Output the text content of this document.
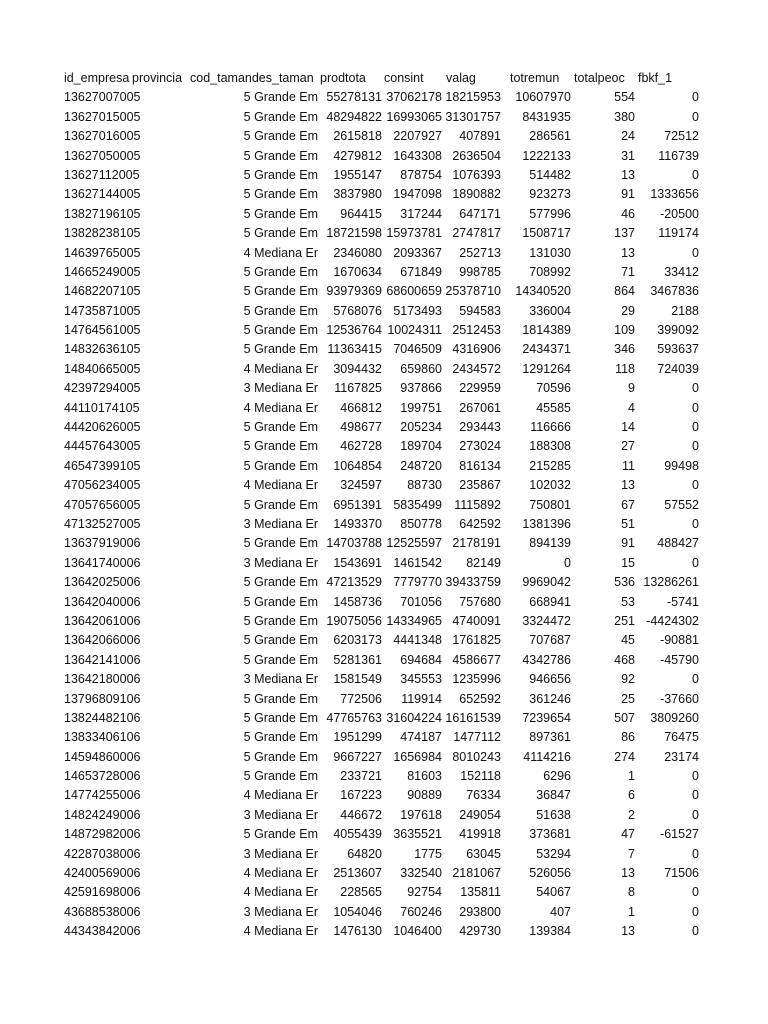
id_empresa provincia cod_tamandes_taman prodtota	consint	valag	totremun	totalpeoc	fbkf_1
13627007005	5 Grande Em 55278131 37062178 18215953	10607970	554	0
13627015005	5 Grande Em 48294822 16993065 31301757	8431935	380	0
13627016005	5 Grande Em	2615818 2207927	407891	286561	24	72512
13627050005	5 Grande Em	4279812 1643308 2636504	1222133	31	116739
13627112005	5 Grande Em	1955147	878754 1076393	514482	13	0
13627144005	5 Grande Em	3837980 1947098 1890882	923273	91	1333656
13827196105	5 Grande Em	964415	317244	647171	577996	46	-20500
13828238105	5 Grande Em 18721598 15973781 2747817	1508717	137	119174
14639765005	4 Mediana Er	2346080 2093367	252713	131030	13	0
14665249005	5 Grande Em	1670634	671849	998785	708992	71	33412
14682207105	5 Grande Em 93979369 68600659 25378710	14340520	864	3467836
14735871005	5 Grande Em	5768076 5173493	594583	336004	29	2188
14764561005	5 Grande Em 12536764 10024311 2512453	1814389	109	399092
14832636105	5 Grande Em 11363415 7046509 4316906	2434371	346	593637
14840665005	4 Mediana Er	3094432	659860 2434572	1291264	118	724039
42397294005	3 Mediana Er	1167825	937866	229959	70596	9	0
44110174105	4 Mediana Er	466812	199751	267061	45585	4	0
44420626005	5 Grande Em	498677	205234	293443	116666	14	0
44457643005	5 Grande Em	462728	189704	273024	188308	27	0
46547399105	5 Grande Em	1064854	248720	816134	215285	11	99498
47056234005	4 Mediana Er	324597	88730	235867	102032	13	0
47057656005	5 Grande Em	6951391 5835499 1115892	750801	67	57552
47132527005	3 Mediana Er	1493370	850778	642592	1381396	51	0
13637919006	5 Grande Em 14703788 12525597 2178191	894139	91	488427
13641740006	3 Mediana Er	1543691 1461542	82149	0	15	0
13642025006	5 Grande Em 47213529 7779770 39433759	9969042	536 13286261
13642040006	5 Grande Em	1458736	701056	757680	668941	53	-5741
13642061006	5 Grande Em 19075056 14334965 4740091	3324472	251 -4424302
13642066006	5 Grande Em	6203173 4441348 1761825	707687	45	-90881
13642141006	5 Grande Em	5281361	694684 4586677	4342786	468	-45790
13642180006	3 Mediana Er	1581549	345553 1235996	946656	92	0
13796809106	5 Grande Em	772506	119914	652592	361246	25	-37660
13824482106	5 Grande Em 47765763 31604224 16161539	7239654	507	3809260
13833406106	5 Grande Em	1951299	474187 1477112	897361	86	76475
14594860006	5 Grande Em	9667227 1656984 8010243	4114216	274	23174
14653728006	5 Grande Em	233721	81603	152118	6296	1	0
14774255006	4 Mediana Er	167223	90889	76334	36847	6	0
14824249006	3 Mediana Er	446672	197618	249054	51638	2	0
14872982006	5 Grande Em	4055439 3635521	419918	373681	47	-61527
42287038006	3 Mediana Er	64820	1775	63045	53294	7	0
42400569006	4 Mediana Er	2513607	332540 2181067	526056	13	71506
42591698006	4 Mediana Er	228565	92754	135811	54067	8	0
43688538006	3 Mediana Er	1054046	760246	293800	407	1	0
44343842006	4 Mediana Er	1476130 1046400	429730	139384	13	0
